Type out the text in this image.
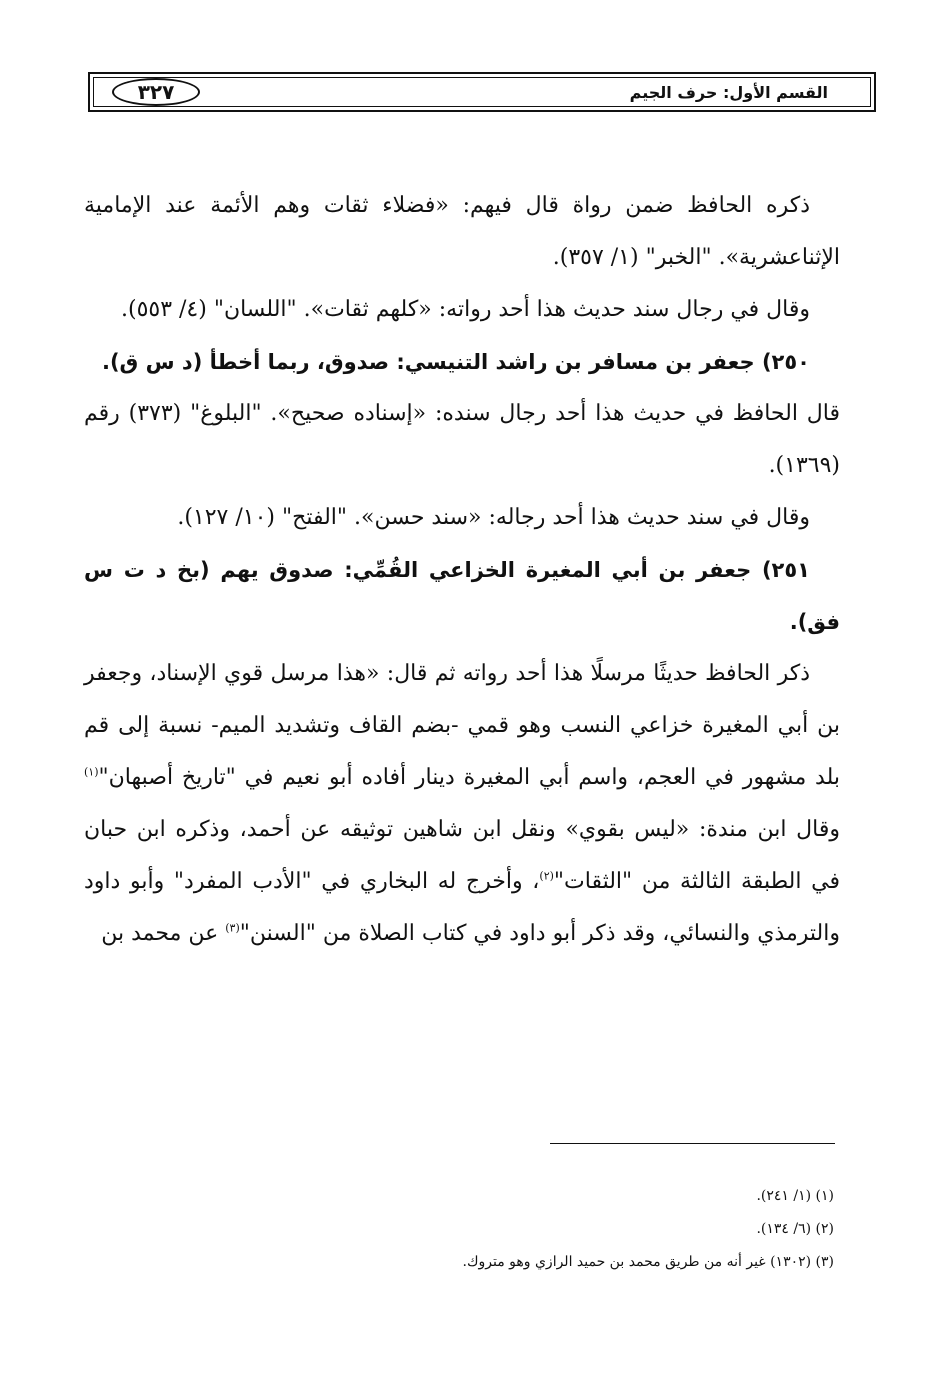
٣٢٧	القسم الأول: حرف الجيم

ذكره الحافظ ضمن رواة قال فيهم: «فضلاء ثقات وهم الأئمة عند الإمامية الإثناعشرية». "الخبر" (١/ ٣٥٧).

وقال في رجال سند حديث هذا أحد رواته: «كلهم ثقات». "اللسان" (٤/ ٥٥٣).

٢٥٠) جعفر بن مسافر بن راشد التنيسي: صدوق، ربما أخطأ (د س ق).

قال الحافظ في حديث هذا أحد رجال سنده: «إسناده صحيح». "البلوغ" (٣٧٣) رقم (١٣٦٩).

وقال في سند حديث هذا أحد رجاله: «سند حسن». "الفتح" (١٠/ ١٢٧).

٢٥١) جعفر بن أبي المغيرة الخزاعي القُمِّي: صدوق يهم (بخ د ت س فق).

ذكر الحافظ حديثًا مرسلًا هذا أحد رواته ثم قال: «هذا مرسل قوي الإسناد، وجعفر بن أبي المغيرة خزاعي النسب وهو قمي -بضم القاف وتشديد الميم- نسبة إلى قم بلد مشهور في العجم، واسم أبي المغيرة دينار أفاده أبو نعيم في "تاريخ أصبهان"$^{(١)}$ وقال ابن مندة: «ليس بقوي» ونقل ابن شاهين توثيقه عن أحمد، وذكره ابن حبان في الطبقة الثالثة من "الثقات"$^{(٢)}$، وأخرج له البخاري في "الأدب المفرد" وأبو داود والترمذي والنسائي، وقد ذكر أبو داود في كتاب الصلاة من "السنن"$^{(٣)}$ عن محمد بن

(١) (١/ ٢٤١).

(٢) (٦/ ١٣٤).

(٣) (١٣٠٢) غير أنه من طريق محمد بن حميد الرازي وهو متروك.
